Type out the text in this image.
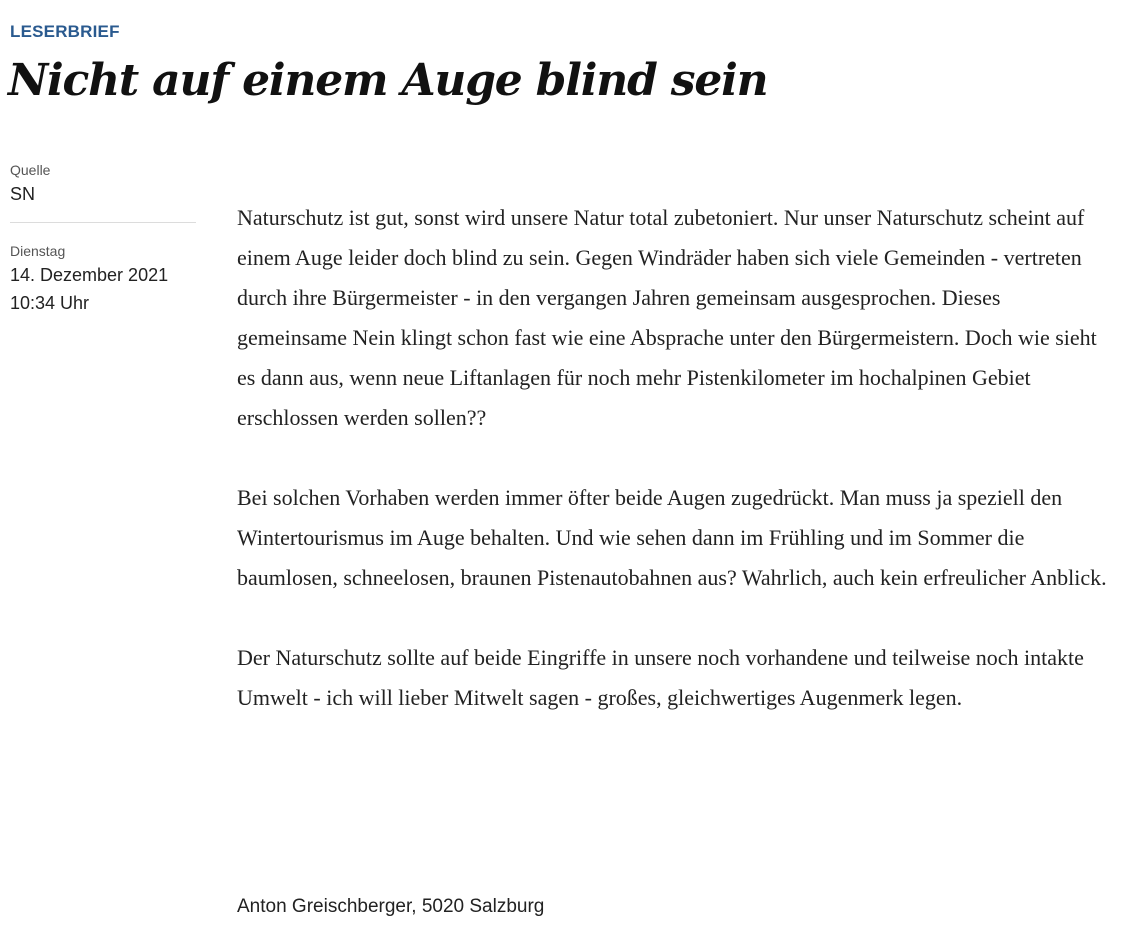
LESERBRIEF
Nicht auf einem Auge blind sein
Quelle
SN
Dienstag
14. Dezember 2021
10:34 Uhr

Naturschutz ist gut, sonst wird unsere Natur total zubetoniert. Nur unser Naturschutz scheint auf einem Auge leider doch blind zu sein. Gegen Windräder haben sich viele Gemeinden - vertreten durch ihre Bürgermeister - in den vergangen Jahren gemeinsam ausgesprochen. Dieses gemeinsame Nein klingt schon fast wie eine Absprache unter den Bürgermeistern. Doch wie sieht es dann aus, wenn neue Liftanlagen für noch mehr Pistenkilometer im hochalpinen Gebiet erschlossen werden sollen??

Bei solchen Vorhaben werden immer öfter beide Augen zugedrückt. Man muss ja speziell den Wintertourismus im Auge behalten. Und wie sehen dann im Frühling und im Sommer die baumlosen, schneelosen, braunen Pistenautobahnen aus? Wahrlich, auch kein erfreulicher Anblick.

Der Naturschutz sollte auf beide Eingriffe in unsere noch vorhandene und teilweise noch intakte Umwelt - ich will lieber Mitwelt sagen - großes, gleichwertiges Augenmerk legen.

Anton Greischberger, 5020 Salzburg
